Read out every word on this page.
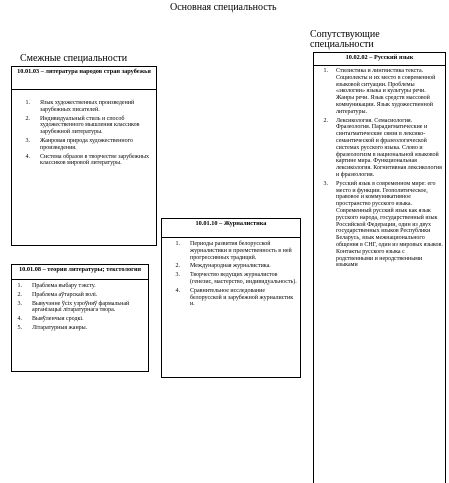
Основная специальность
Смежные специальности
Сопутствующие
специальности
10.01.03 – литература народов стран зарубежья
1. Язык художественных произведений зарубежных писателей.
2. Индивидуальный стиль и способ художественного мышления классиков зарубежной литературы.
3. Жанровая природа художественного произведения.
4. Система образов в творчестве зарубежных классиков мировой литературы.
10.01.08 – теория литературы; текстология
1. Праблема выбару тэксту.
2. Праблема аўтарскай волі.
3. Вывучэнне ўсіх узроўняў фармальнай арганізацыі літаратурнага твора.
4. Выяўленчыя сродкі.
5. Літаратурныя жанры.
10.01.10 – Журналистика
1. Периоды развития белорусской журналистики и преемственность в ней прогрессивных традиций.
2. Международная журналистика.
3. Творчество ведущих журналистов (генезис, мастерство, индивидуальность).
4. Сравнительное исследование белорусской и зарубежной журналистик и.
10.02.02 – Русский язык
1. Стилистика и лингвистика текста. Социолекты и их место в современной языковой ситуации. Проблемы «экологии» языка и культуры речи. Жанры речи. Язык средств массовой коммуникации. Язык художественной литературы.
2. Лексикология. Семасиология. Фразеология. Парадигматические и синтагматические связи в лексико-семантической и фразеологической системах русского языка. Слово и фразеологизм в национальной языковой картине мира. Функциональная лексикология. Когнитивная лексикология и фразеология.
3. Русский язык в современном мире: его место и функции. Геополитическое, правовое и коммуникативное пространство русского языка. Современный русский язык как язык русского народа, государственный язык Российской Федерации, один из двух государственных языков Республики Беларусь, язык межнационального общения в СНГ, один из мировых языков. Контакты русского языка с родственными и неродственными языками
